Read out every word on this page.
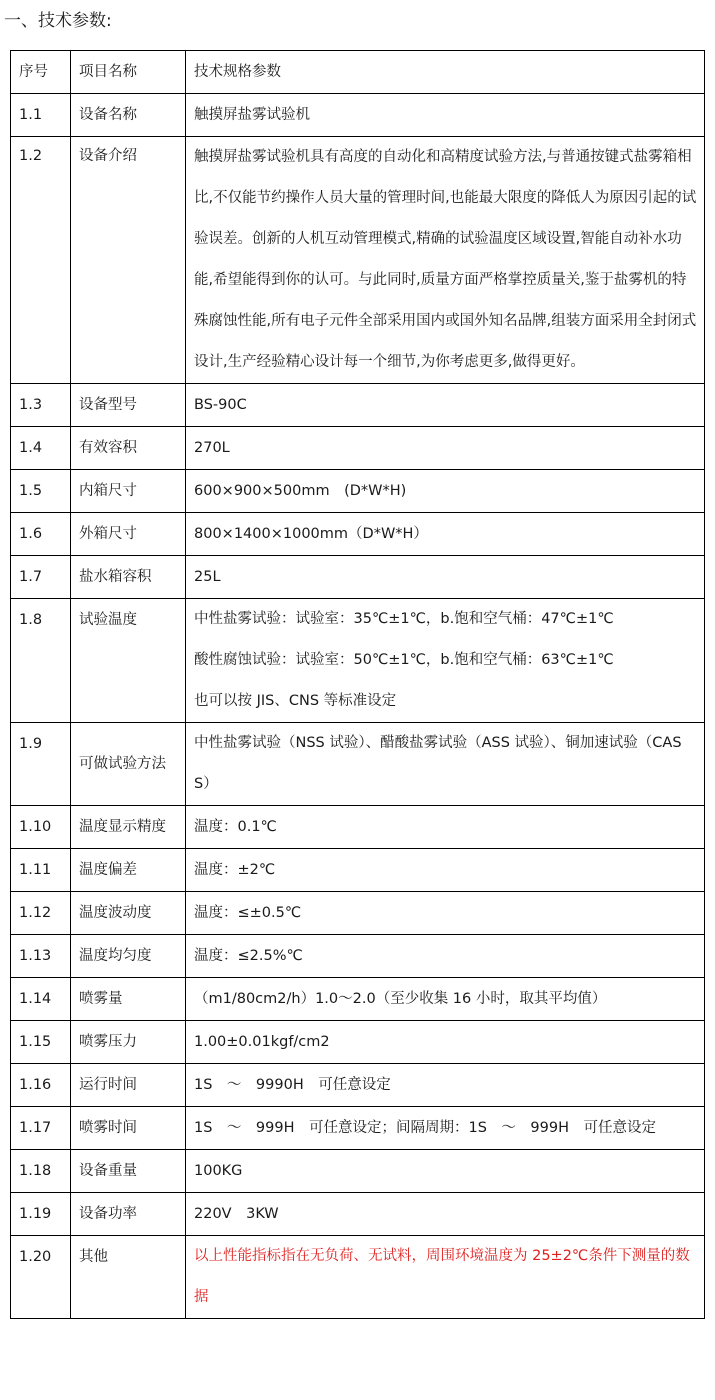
一、技术参数:
序号	项目名称	技术规格参数
1.1	设备名称	触摸屏盐雾试验机
1.2	设备介绍	触摸屏盐雾试验机具有高度的自动化和高精度试验方法,与普通按键式盐雾箱相比,不仅能节约操作人员大量的管理时间,也能最大限度的降低人为原因引起的试验误差。创新的人机互动管理模式,精确的试验温度区域设置,智能自动补水功能,希望能得到你的认可。与此同时,质量方面严格掌控质量关,鉴于盐雾机的特殊腐蚀性能,所有电子元件全部采用国内或国外知名品牌,组装方面采用全封闭式设计,生产经验精心设计每一个细节,为你考虑更多,做得更好。
1.3	设备型号	BS-90C
1.4	有效容积	270L
1.5	内箱尺寸	600×900×500mm　(D*W*H)
1.6	外箱尺寸	800×1400×1000mm（D*W*H）
1.7	盐水箱容积	25L
1.8	试验温度	中性盐雾试验：试验室：35℃±1℃，b.饱和空气桶：47℃±1℃
酸性腐蚀试验：试验室：50℃±1℃，b.饱和空气桶：63℃±1℃
也可以按 JIS、CNS 等标准设定

1.9	可做试验方法	中性盐雾试验（NSS 试验）、醋酸盐雾试验（ASS 试验）、铜加速试验（CASS）
1.10	温度显示精度	温度：0.1℃
1.11	温度偏差	温度：±2℃
1.12	温度波动度	温度：≤±0.5℃
1.13	温度均匀度	温度：≤2.5%℃
1.14	喷雾量	（m1/80cm2/h）1.0～2.0（至少收集 16 小时，取其平均值）
1.15	喷雾压力	1.00±0.01kgf/cm2
1.16	运行时间	1S　～　9990H　可任意设定
1.17	喷雾时间	1S　～　999H　可任意设定；间隔周期：1S　～　999H　可任意设定
1.18	设备重量	100KG
1.19	设备功率	220V　3KW
1.20	其他	以上性能指标指在无负荷、无试料，周围环境温度为 25±2℃条件下测量的数据
